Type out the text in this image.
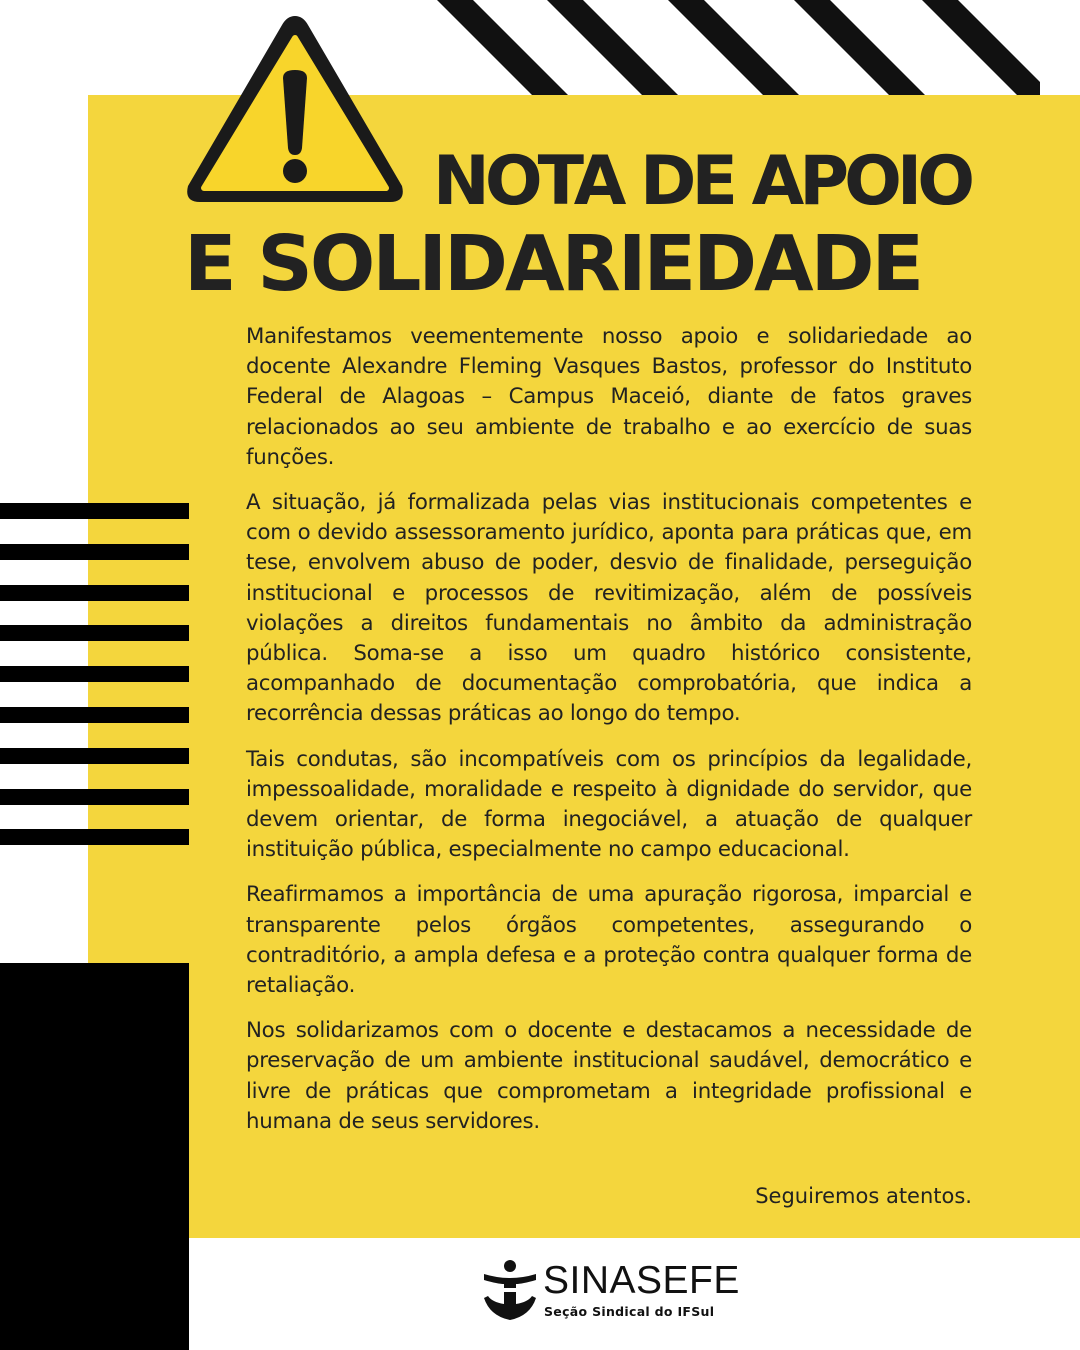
NOTA DE APOIO
E SOLIDARIEDADE

Manifestamos veementemente nosso apoio e solidariedade ao docente Alexandre Fleming Vasques Bastos, professor do Instituto Federal de Alagoas – Campus Maceió, diante de fatos graves relacionados ao seu ambiente de trabalho e ao exercício de suas funções.

A situação, já formalizada pelas vias institucionais competentes e com o devido assessoramento jurídico, aponta para práticas que, em tese, envolvem abuso de poder, desvio de finalidade, perseguição institucional e processos de revitimização, além de possíveis violações a direitos fundamentais no âmbito da administração pública. Soma-se a isso um quadro histórico consistente, acompanhado de documentação comprobatória, que indica a recorrência dessas práticas ao longo do tempo.

Tais condutas, são incompatíveis com os princípios da legalidade, impessoalidade, moralidade e respeito à dignidade do servidor, que devem orientar, de forma inegociável, a atuação de qualquer instituição pública, especialmente no campo educacional.

Reafirmamos a importância de uma apuração rigorosa, imparcial e transparente pelos órgãos competentes, assegurando o contraditório, a ampla defesa e a proteção contra qualquer forma de retaliação.

Nos solidarizamos com o docente e destacamos a necessidade de preservação de um ambiente institucional saudável, democrático e livre de práticas que comprometam a integridade profissional e humana de seus servidores.

Seguiremos atentos.
SINASEFE
Seção Sindical do IFSul
